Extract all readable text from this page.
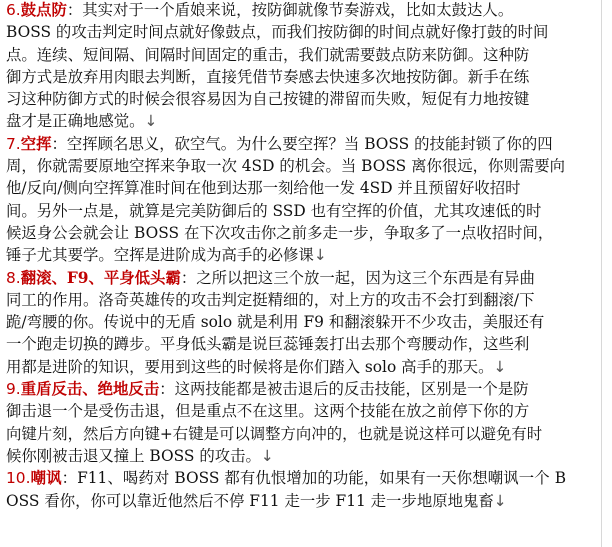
6.鼓点防：其实对于一个盾娘来说，按防御就像节奏游戏，比如太鼓达人。
BOSS 的攻击判定时间点就好像鼓点，而我们按防御的时间点就好像打鼓的时间
点。连续、短间隔、间隔时间固定的重击，我们就需要鼓点防来防御。这种防
御方式是放弃用肉眼去判断，直接凭借节奏感去快速多次地按防御。新手在练
习这种防御方式的时候会很容易因为自己按键的滞留而失败，短促有力地按键
盘才是正确地感觉。↓
7.空挥：空挥顾名思义，砍空气。为什么要空挥？当 BOSS 的技能封锁了你的四
周，你就需要原地空挥来争取一次 4SD 的机会。当 BOSS 离你很远，你则需要向
他/反向/侧向空挥算准时间在他到达那一刻给他一发 4SD 并且预留好收招时
间。另外一点是，就算是完美防御后的 SSD 也有空挥的价值，尤其攻速低的时
候返身公会就会让 BOSS 在下次攻击你之前多走一步，争取多了一点收招时间，
锤子尤其要学。空挥是进阶成为高手的必修课↓
8.翻滚、F9、平身低头霸：之所以把这三个放一起，因为这三个东西是有异曲
同工的作用。洛奇英雄传的攻击判定挺精细的，对上方的攻击不会打到翻滚/下
跪/弯腰的你。传说中的无盾 solo 就是利用 F9 和翻滚躲开不少攻击，美服还有
一个跑走切换的蹲步。平身低头霸是说巨蕊锤轰打出去那个弯腰动作，这些利
用都是进阶的知识，要用到这些的时候将是你们踏入 solo 高手的那天。↓
9.重盾反击、绝地反击：这两技能都是被击退后的反击技能，区别是一个是防
御击退一个是受伤击退，但是重点不在这里。这两个技能在放之前停下你的方
向键片刻，然后方向键+右键是可以调整方向冲的，也就是说这样可以避免有时
候你刚被击退又撞上 BOSS 的攻击。↓
10.嘲讽：F11、喝药对 BOSS 都有仇恨增加的功能，如果有一天你想嘲讽一个 BOSS 看你，你可以靠近他然后不停 F11 走一步 F11 走一步地原地鬼畜↓
